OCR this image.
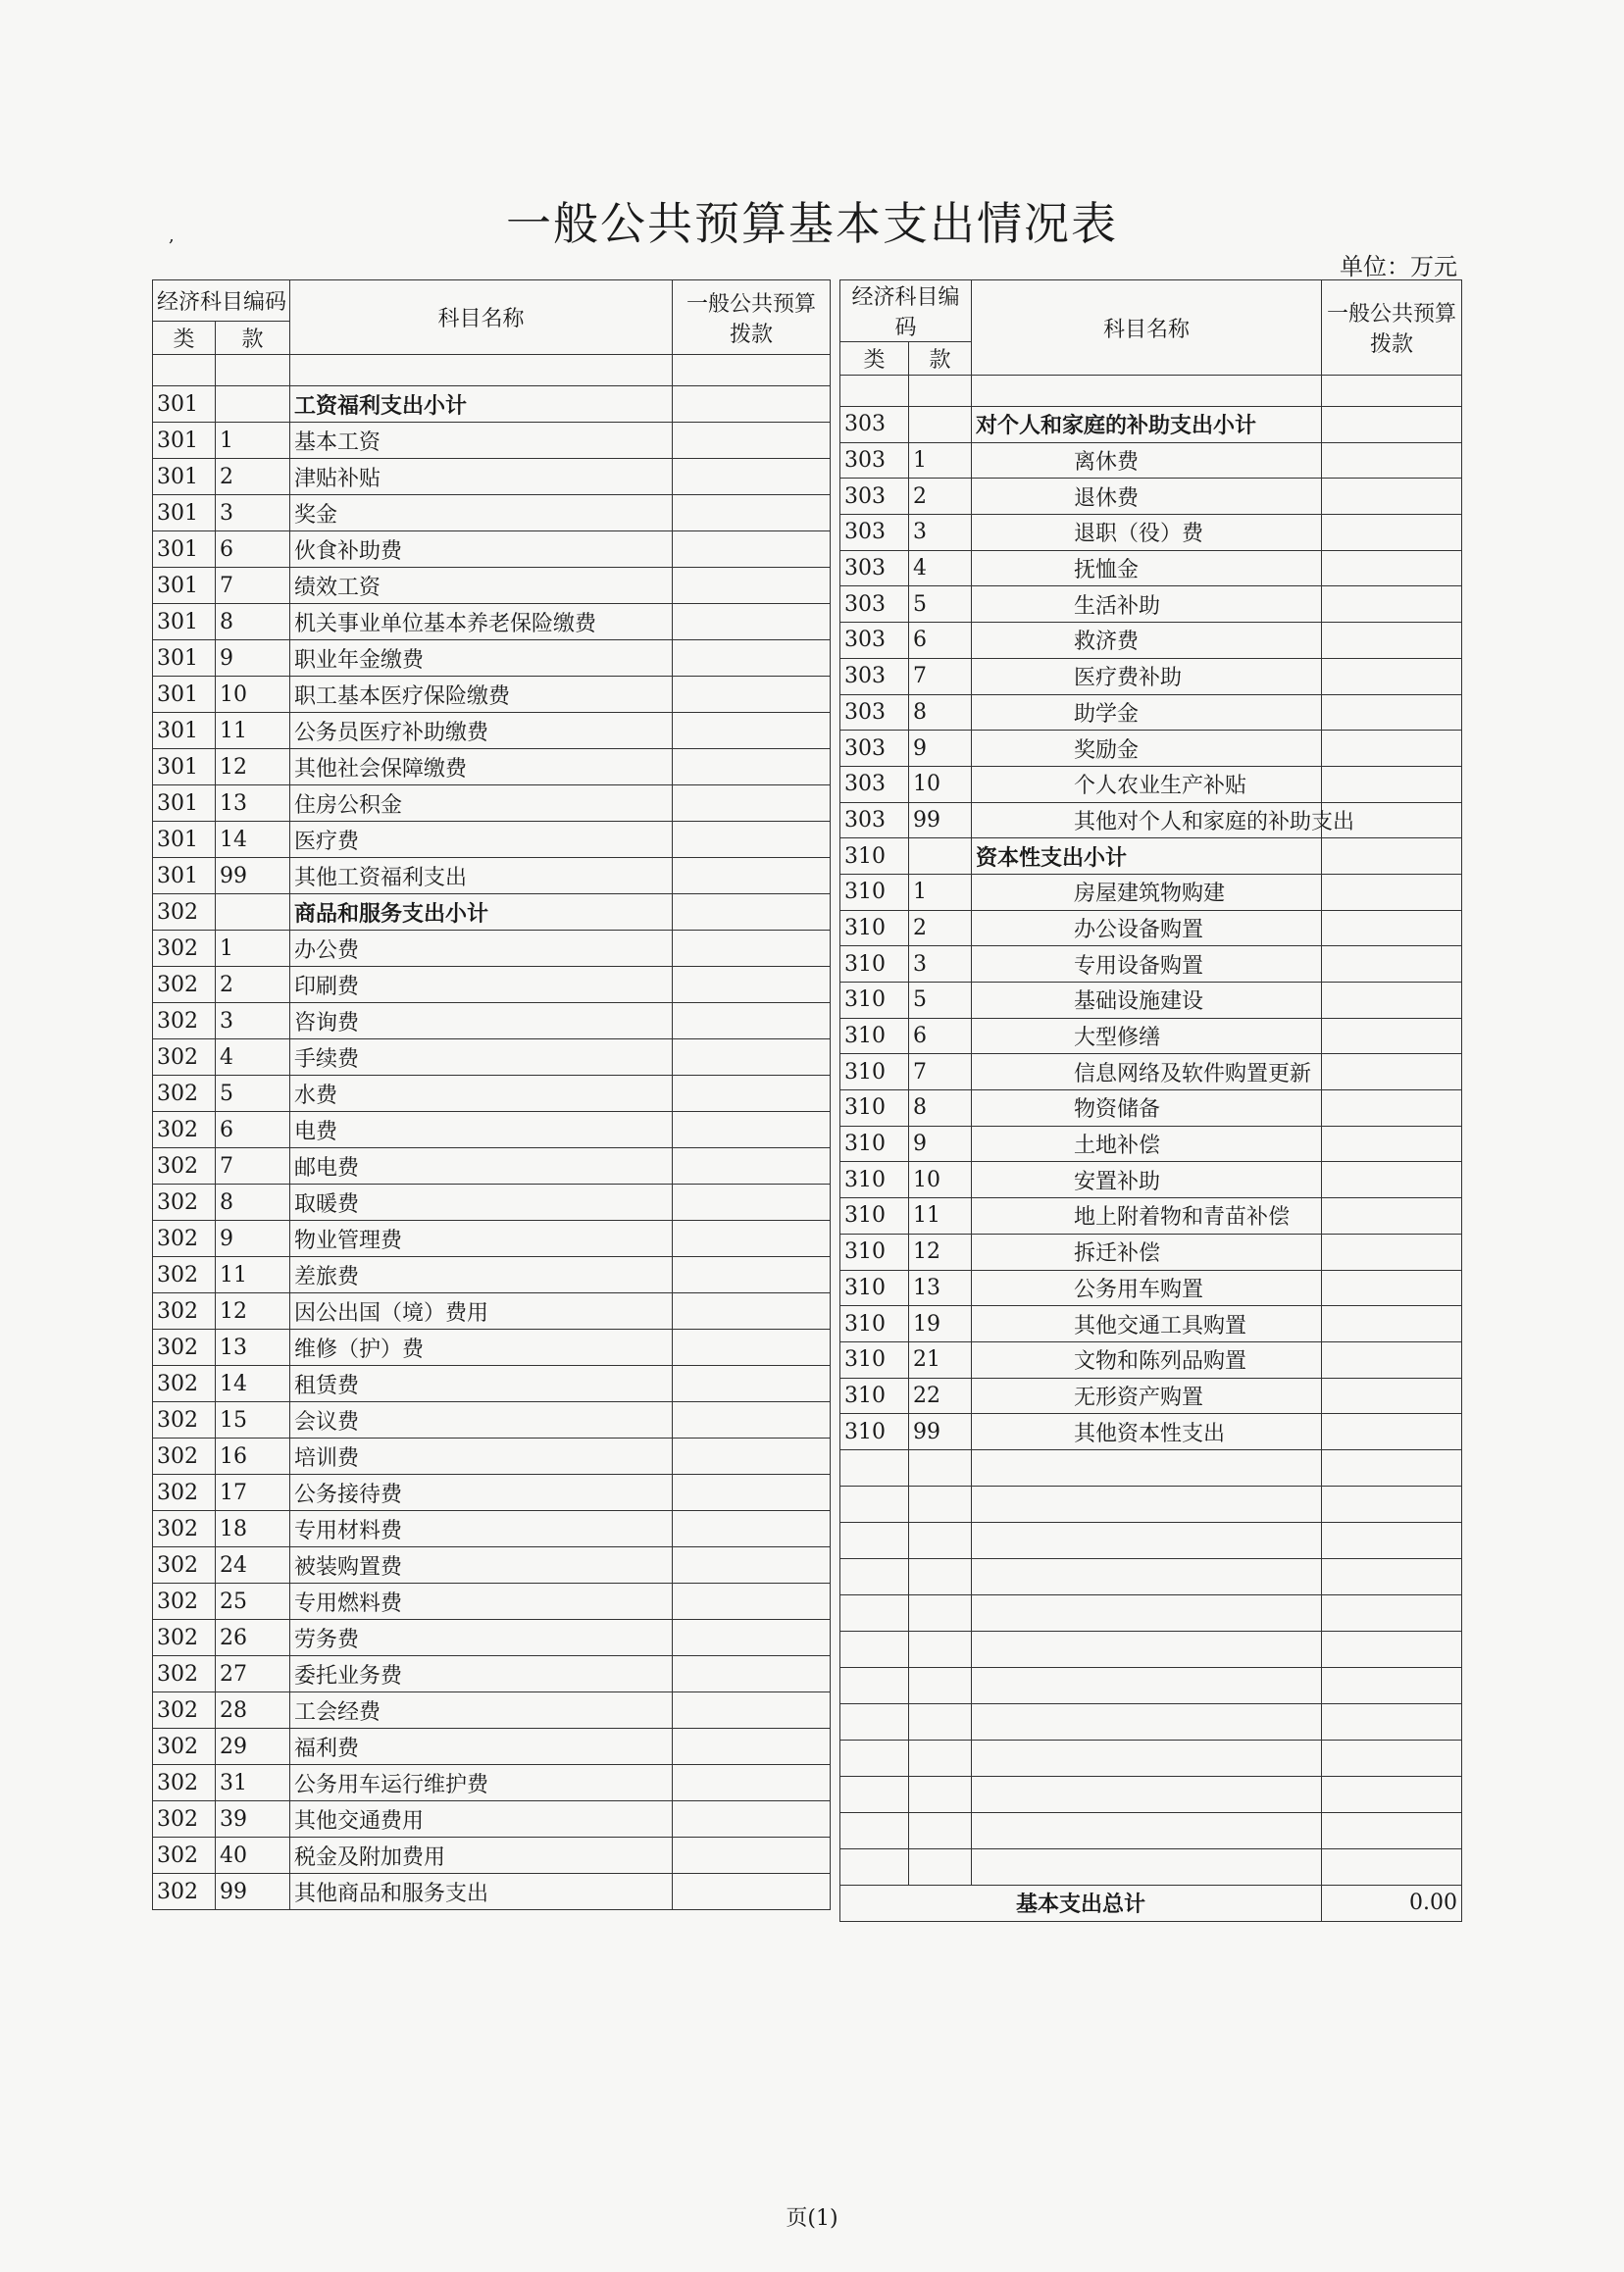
,	一般公共预算基本支出情况表
单位：万元
经济科目编码		科目名称	一般公共预算拨款
类	款		

301		工资福利支出小计	
301	1	基本工资	
301	2	津贴补贴	
301	3	奖金	
301	6	伙食补助费	
301	7	绩效工资	
301	8	机关事业单位基本养老保险缴费	
301	9	职业年金缴费	
301	10	职工基本医疗保险缴费	
301	11	公务员医疗补助缴费	
301	12	其他社会保障缴费	
301	13	住房公积金	
301	14	医疗费	
301	99	其他工资福利支出	
302		商品和服务支出小计	
302	1	办公费	
302	2	印刷费	
302	3	咨询费	
302	4	手续费	
302	5	水费	
302	6	电费	
302	7	邮电费	
302	8	取暖费	
302	9	物业管理费	
302	11	差旅费	
302	12	因公出国（境）费用	
302	13	维修（护）费	
302	14	租赁费	
302	15	会议费	
302	16	培训费	
302	17	公务接待费	
302	18	专用材料费	
302	24	被装购置费	
302	25	专用燃料费	
302	26	劳务费	
302	27	委托业务费	
302	28	工会经费	
302	29	福利费	
302	31	公务用车运行维护费	
302	39	其他交通费用	
302	40	税金及附加费用	
302	99	其他商品和服务支出	
经济科目编码		科目名称	一般公共预算拨款
类	款		

303		对个人和家庭的补助支出小计	
303	1	离休费	
303	2	退休费	
303	3	退职（役）费	
303	4	抚恤金	
303	5	生活补助	
303	6	救济费	
303	7	医疗费补助	
303	8	助学金	
303	9	奖励金	
303	10	个人农业生产补贴	
303	99	其他对个人和家庭的补助支出	
310		资本性支出小计	
310	1	房屋建筑物购建	
310	2	办公设备购置	
310	3	专用设备购置	
310	5	基础设施建设	
310	6	大型修缮	
310	7	信息网络及软件购置更新	
310	8	物资储备	
310	9	土地补偿	
310	10	安置补助	
310	11	地上附着物和青苗补偿	
310	12	拆迁补偿	
310	13	公务用车购置	
310	19	其他交通工具购置	
310	21	文物和陈列品购置	
310	22	无形资产购置	
310	99	其他资本性支出	

基本支出总计			0.00
页(1)
